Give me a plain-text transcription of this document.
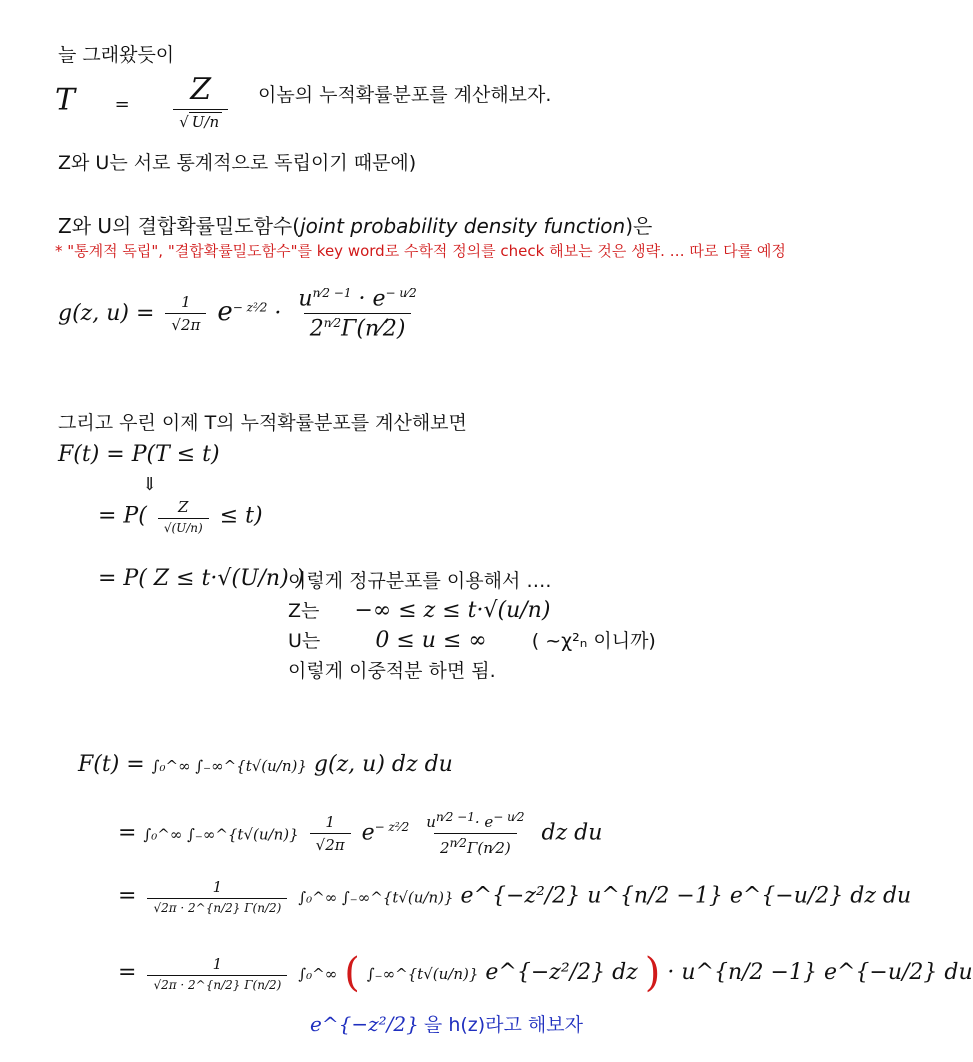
늘 그래왔듯이
$T = \frac{Z}{√ U/n}$ 이놈의 누적확률분포를 계산해보자.
Z와 U는 서로 통계적으로 독립이기 때문에)
Z와 U의 결합확률밀도함수(joint probability density function)은
* "통계적 독립", "결합확률밀도함수"를 key word로 수학적 정의를 check 해보는 것은 생략. … 따로 다룰 예정
g(z, $u) = \frac{1}{√2\pi} e^{- z^2⁄2} \cdot \frac{u^{n⁄2 -1} \cdot e^{- u⁄2}}{2^{n⁄2}\Gamma(n⁄2)}$
그리고 우린 이제 T의 누적확률분포를 계산해보면
F(t) = P(T ≤ t)
⇓
= $P( \frac{Z}{√(U/n)} \le t)$
= P( Z ≤ t·√(U/n) )
이렇게 정규분포를 이용해서 ….
Z는 −∞ ≤ z ≤ t·√(u/n)
U는	0 ≤ u ≤ ∞ ( ~χ²ₙ 이니까)
이렇게 이중적분 하면 됨.
F(t) = ∫₀^∞ ∫₋∞^{t√(u/n)} g(z, u) dz du
= ∫₀^∞ ∫₋∞^{t√(u/n)} $\frac{1}{√2\pi} e^{- z^2⁄2} \frac{u^{n⁄2 -1}\cdot e^{- u⁄2}}{2^{n⁄2}\Gamma(n⁄2)}$ dz du
= $\frac{1}{√2\pi \cdot 2\^{}\{n/2\} \Gamma(n/2)}$ ∫₀^∞ ∫₋∞^{t√(u/n)} e^{−z²/2} u^{n/2 −1} e^{−u/2} dz du
= $\frac{1}{√2\pi \cdot 2\^{}\{n/2\} \Gamma(n/2)}$ ∫₀^∞ ( ∫₋∞^{t√(u/n)} e^{−z²/2} dz ) · u^{n/2 −1} e^{−u/2} du
e^{−z²/2} 을 h(z)라고 해보자
